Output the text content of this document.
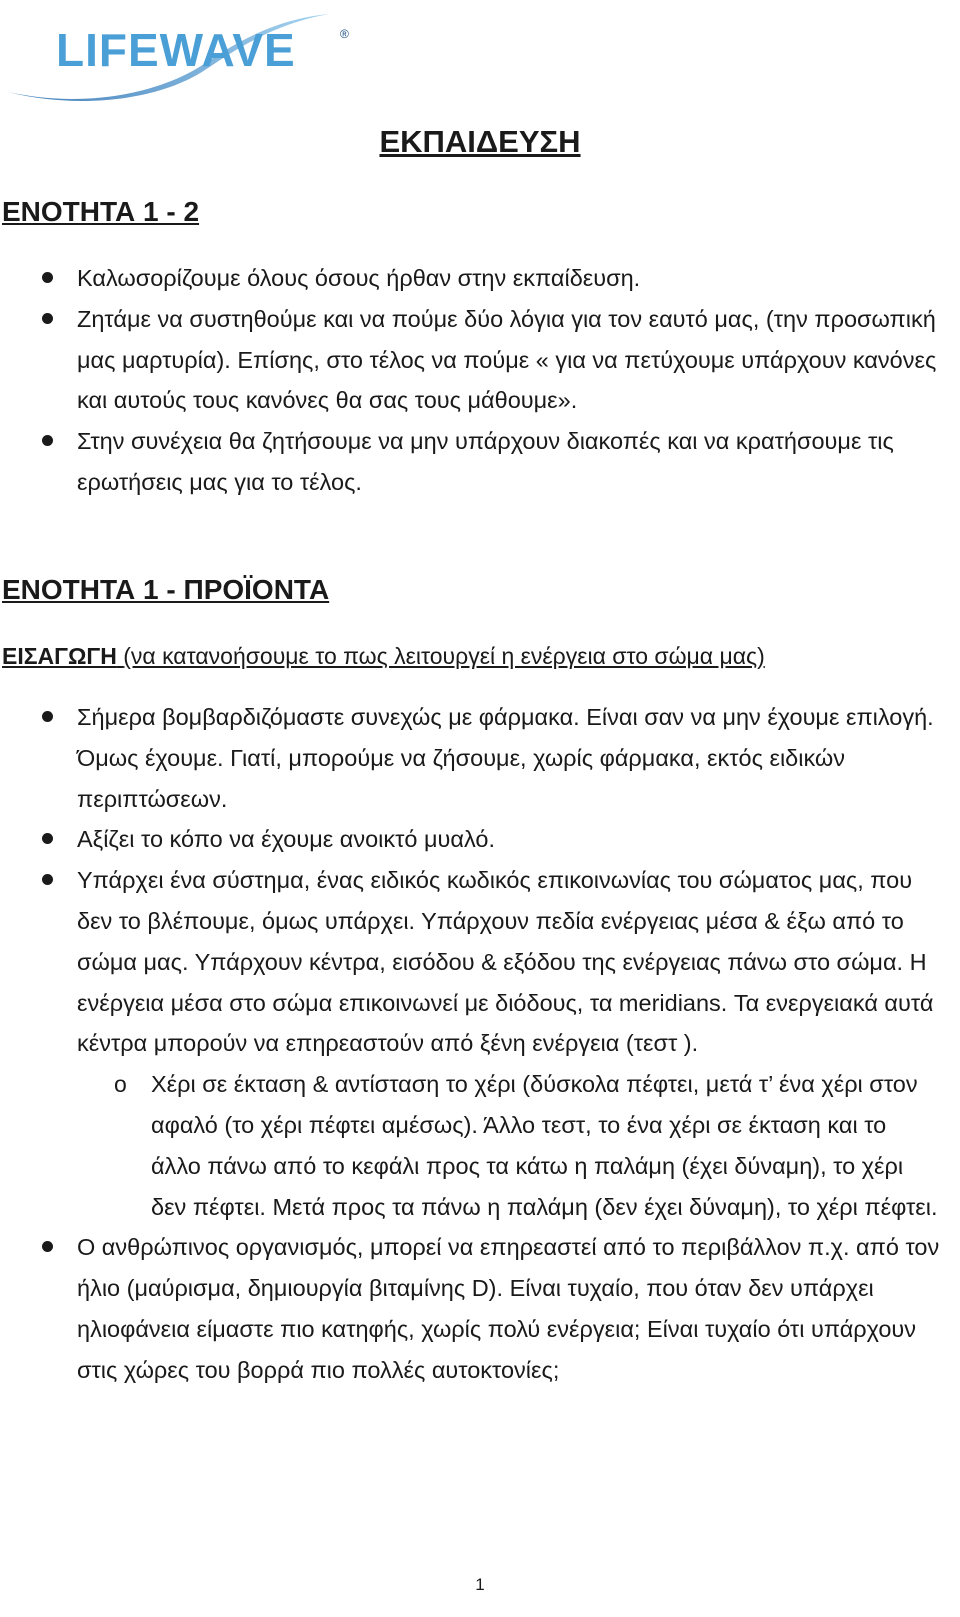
LIFEWAVE	®
ΕΚΠΑΙΔΕΥΣΗ
ΕΝΟΤΗΤΑ 1 - 2
Καλωσορίζουμε όλους όσους ήρθαν στην εκπαίδευση.
Ζητάμε να συστηθούμε και να πούμε δύο λόγια για τον εαυτό μας, (την προσωπική μας μαρτυρία). Επίσης, στο τέλος να πούμε « για να πετύχουμε υπάρχουν κανόνες και αυτούς τους κανόνες θα σας τους μάθουμε».
Στην συνέχεια θα ζητήσουμε να μην υπάρχουν διακοπές και να κρατήσουμε τις ερωτήσεις μας για το τέλος.
ΕΝΟΤΗΤΑ 1 - ΠΡΟΪΟΝΤΑ

ΕΙΣΑΓΩΓΗ (να κατανοήσουμε το πως λειτουργεί η ενέργεια στο σώμα μας)

Σήμερα βομβαρδιζόμαστε συνεχώς με φάρμακα. Είναι σαν να μην έχουμε επιλογή. Όμως έχουμε. Γιατί, μπορούμε να ζήσουμε, χωρίς φάρμακα, εκτός ειδικών περιπτώσεων.
Αξίζει το κόπο να έχουμε ανοικτό μυαλό.
Υπάρχει ένα σύστημα, ένας ειδικός κωδικός επικοινωνίας του σώματος μας, που δεν το βλέπουμε, όμως υπάρχει. Υπάρχουν πεδία ενέργειας μέσα & έξω από το σώμα μας. Υπάρχουν κέντρα, εισόδου & εξόδου της ενέργειας πάνω στο σώμα. Η ενέργεια μέσα στο σώμα επικοινωνεί με διόδους, τα meridians. Τα ενεργειακά αυτά κέντρα μπορούν να επηρεαστούν από ξένη ενέργεια (τεστ ).
o Χέρι σε έκταση & αντίσταση το χέρι (δύσκολα πέφτει, μετά τ’ ένα χέρι στον αφαλό (το χέρι πέφτει αμέσως). Άλλο τεστ, το ένα χέρι σε έκταση και το άλλο πάνω από το κεφάλι προς τα κάτω η παλάμη (έχει δύναμη), το χέρι δεν πέφτει. Μετά προς τα πάνω η παλάμη (δεν έχει δύναμη), το χέρι πέφτει.
Ο ανθρώπινος οργανισμός, μπορεί να επηρεαστεί από το περιβάλλον π.χ. από τον ήλιο (μαύρισμα, δημιουργία βιταμίνης D). Είναι τυχαίο, που όταν δεν υπάρχει ηλιοφάνεια είμαστε πιο κατηφής, χωρίς πολύ ενέργεια; Είναι τυχαίο ότι υπάρχουν στις χώρες του βορρά πιο πολλές αυτοκτονίες;

1
